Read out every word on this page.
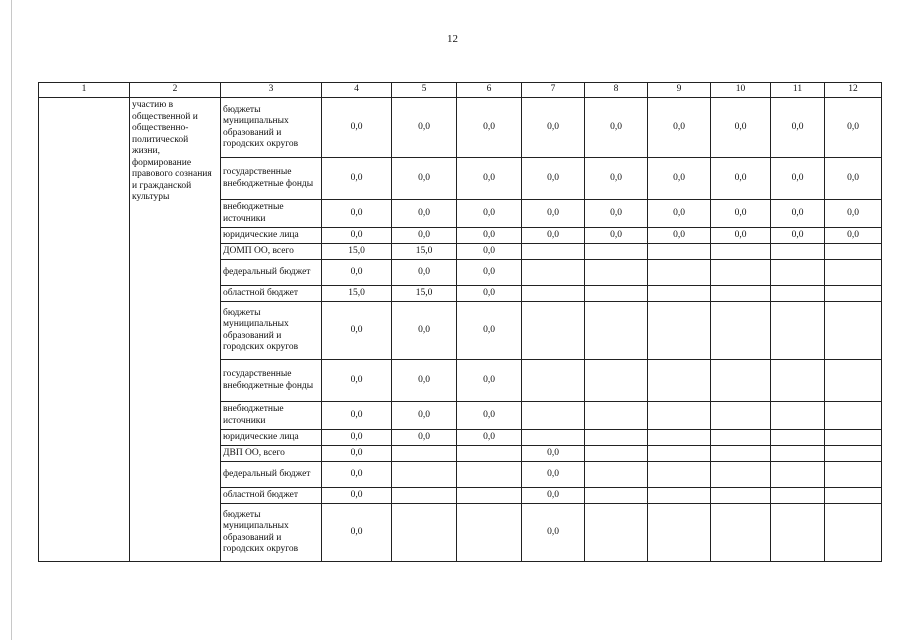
12
1	2	3	4	5	6	7	8	9	10	11	12
	участию в общественной и общественно-политической жизни, формирование правового сознания и гражданской культуры	бюджеты муниципальных образований и городских округов	0,0	0,0	0,0	0,0	0,0	0,0	0,0	0,0	0,0
		государственные внебюджетные фонды	0,0	0,0	0,0	0,0	0,0	0,0	0,0	0,0	0,0
		внебюджетные источники	0,0	0,0	0,0	0,0	0,0	0,0	0,0	0,0	0,0
		юридические лица	0,0	0,0	0,0	0,0	0,0	0,0	0,0	0,0	0,0
		ДОМП ОО, всего	15,0	15,0	0,0						
		федеральный бюджет	0,0	0,0	0,0						
		областной бюджет	15,0	15,0	0,0						
		бюджеты муниципальных образований и городских округов	0,0	0,0	0,0						
		государственные внебюджетные фонды	0,0	0,0	0,0						
		внебюджетные источники	0,0	0,0	0,0						
		юридические лица	0,0	0,0	0,0						
		ДВП ОО, всего	0,0			0,0					
		федеральный бюджет	0,0			0,0					
		областной бюджет	0,0			0,0					
		бюджеты муниципальных образований и городских округов	0,0			0,0					
